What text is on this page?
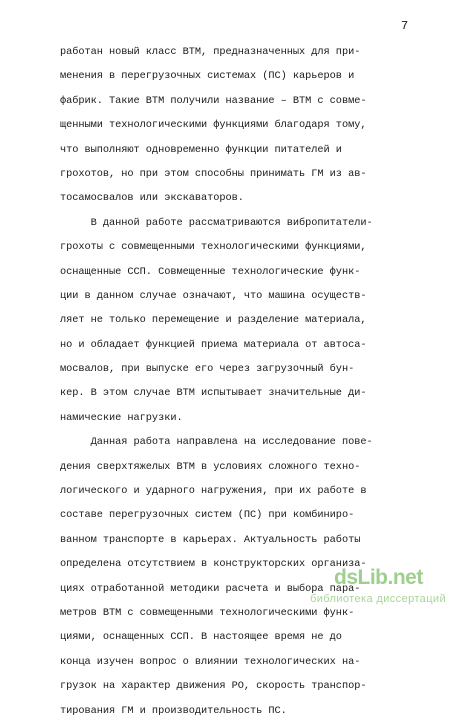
7
работан новый класс ВТМ, предназначенных для при-
менения в перегрузочных системах (ПС) карьеров и
фабрик. Такие ВТМ получили название – ВТМ с совме-
щенными технологическими функциями благодаря тому,
что выполняют одновременно функции питателей и
грохотов, но при этом способны принимать ГМ из ав-
тосамосвалов или экскаваторов.
В данной работе рассматриваются вибропитатели-
грохоты с совмещенными технологическими функциями,
оснащенные ССП. Совмещенные технологические функ-
ции в данном случае означают, что машина осуществ-
ляет не только перемещение и разделение материала,
но и обладает функцией приема материала от автоса-
мосвалов, при выпуске его через загрузочный бун-
кер. В этом случае ВТМ испытывает значительные ди-
намические нагрузки.
Данная работа направлена на исследование пове-
дения сверхтяжелых ВТМ в условиях сложного техно-
логического и ударного нагружения, при их работе в
составе перегрузочных систем (ПС) при комбиниро-
ванном транспорте в карьерах. Актуальность работы
определена отсутствием в конструкторских организа-
циях отработанной методики расчета и выбора пара-
метров ВТМ с совмещенными технологическими функ-
циями, оснащенных ССП. В настоящее время не до
конца изучен вопрос о влиянии технологических на-
грузок на характер движения РО, скорость транспор-
тирования ГМ и производительность ПС.
dsLib.net
библиотека диссертаций
